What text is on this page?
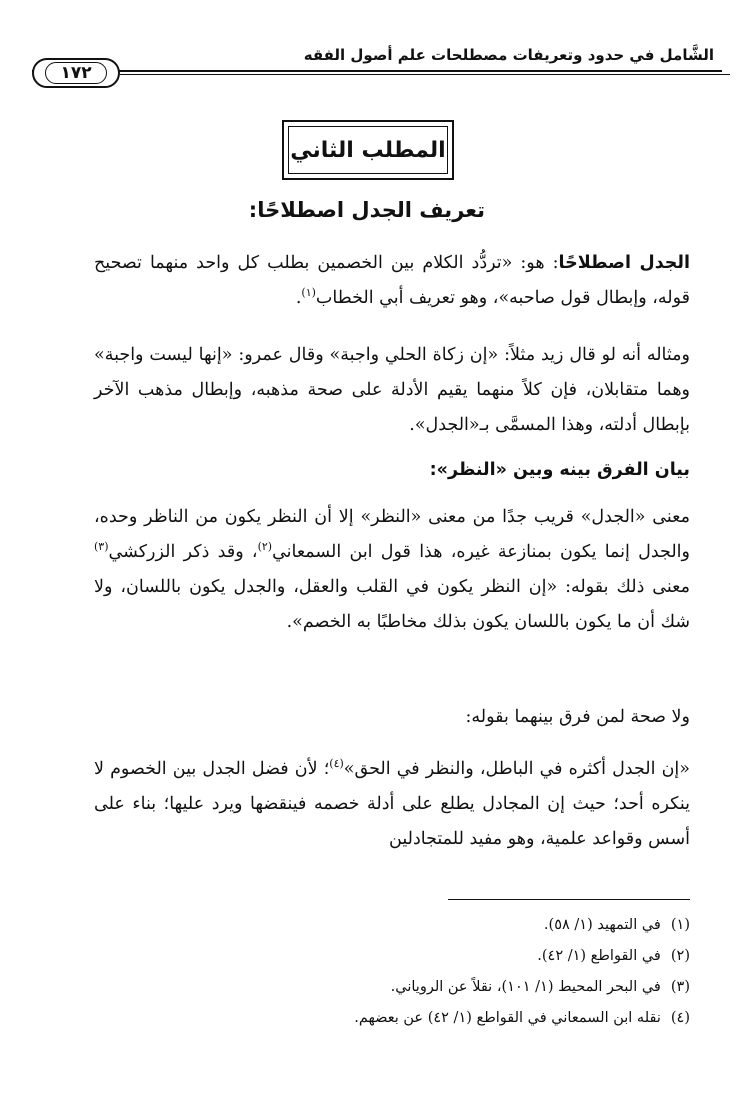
الشَّامل في حدود وتعريفات مصطلحات علم أصول الفقه
١٧٢
المطلب الثاني
تعريف الجدل اصطلاحًا:
الجدل اصطلاحًا: هو: «تردُّد الكلام بين الخصمين بطلب كل واحد منهما تصحيح قوله، وإبطال قول صاحبه»، وهو تعريف أبي الخطاب$^{(١)}$.
ومثاله أنه لو قال زيد مثلاً: «إن زكاة الحلي واجبة» وقال عمرو: «إنها ليست واجبة» وهما متقابلان، فإن كلاً منهما يقيم الأدلة على صحة مذهبه، وإبطال مذهب الآخر بإبطال أدلته، وهذا المسمَّى بـ«الجدل».
بيان الفرق بينه وبين «النظر»:
معنى «الجدل» قريب جدًا من معنى «النظر» إلا أن النظر يكون من الناظر وحده، والجدل إنما يكون بمنازعة غيره، هذا قول ابن السمعاني$^{(٢)}$، وقد ذكر الزركشي$^{(٣)}$ معنى ذلك بقوله: «إن النظر يكون في القلب والعقل، والجدل يكون باللسان، ولا شك أن ما يكون باللسان يكون بذلك مخاطبًا به الخصم».
ولا صحة لمن فرق بينهما بقوله:
«إن الجدل أكثره في الباطل، والنظر في الحق»$^{(٤)}$؛ لأن فضل الجدل بين الخصوم لا ينكره أحد؛ حيث إن المجادل يطلع على أدلة خصمه فينقضها ويرد عليها؛ بناء على أسس وقواعد علمية، وهو مفيد للمتجادلين
(١)في التمهيد (١/ ٥٨).
(٢)في القواطع (١/ ٤٢).
(٣)في البحر المحيط (١/ ١٠١)، نقلاً عن الروياني.
(٤)نقله ابن السمعاني في القواطع (١/ ٤٢) عن بعضهم.
